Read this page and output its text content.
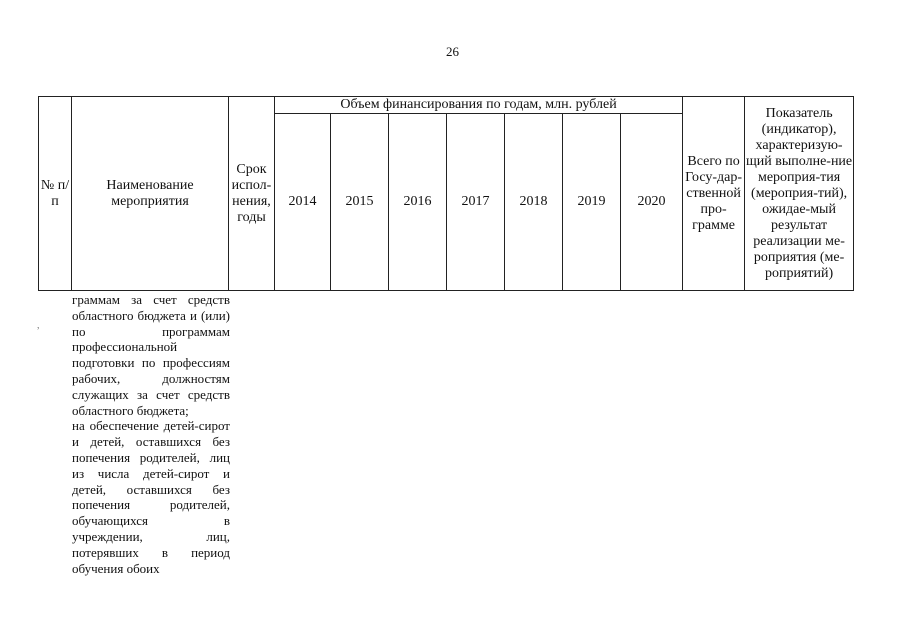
26
№ п/п	Наименование мероприятия	Срок испол-нения, годы	Объем финансирования по годам, млн. рублей							Всего по Госу-дар-ственной про-грамме	Показатель (индикатор), характеризую-щий выполне-ние мероприя-тия (мероприя-тий), ожидае-мый результат реализации ме-роприятия (ме-роприятий)
			2014	2015	2016	2017	2018	2019	2020		

граммам за счет средств областного бюджета и (или) по программам профессиональной подготовки по профессиям рабочих, должностям служащих за счет средств областного бюджета;

на обеспечение детей-сирот и детей, оставшихся без попечения родителей, лиц из числа детей-сирот и детей, оставшихся без попечения родителей, обучающихся в учреждении, лиц, потерявших в период обучения обоих

,
